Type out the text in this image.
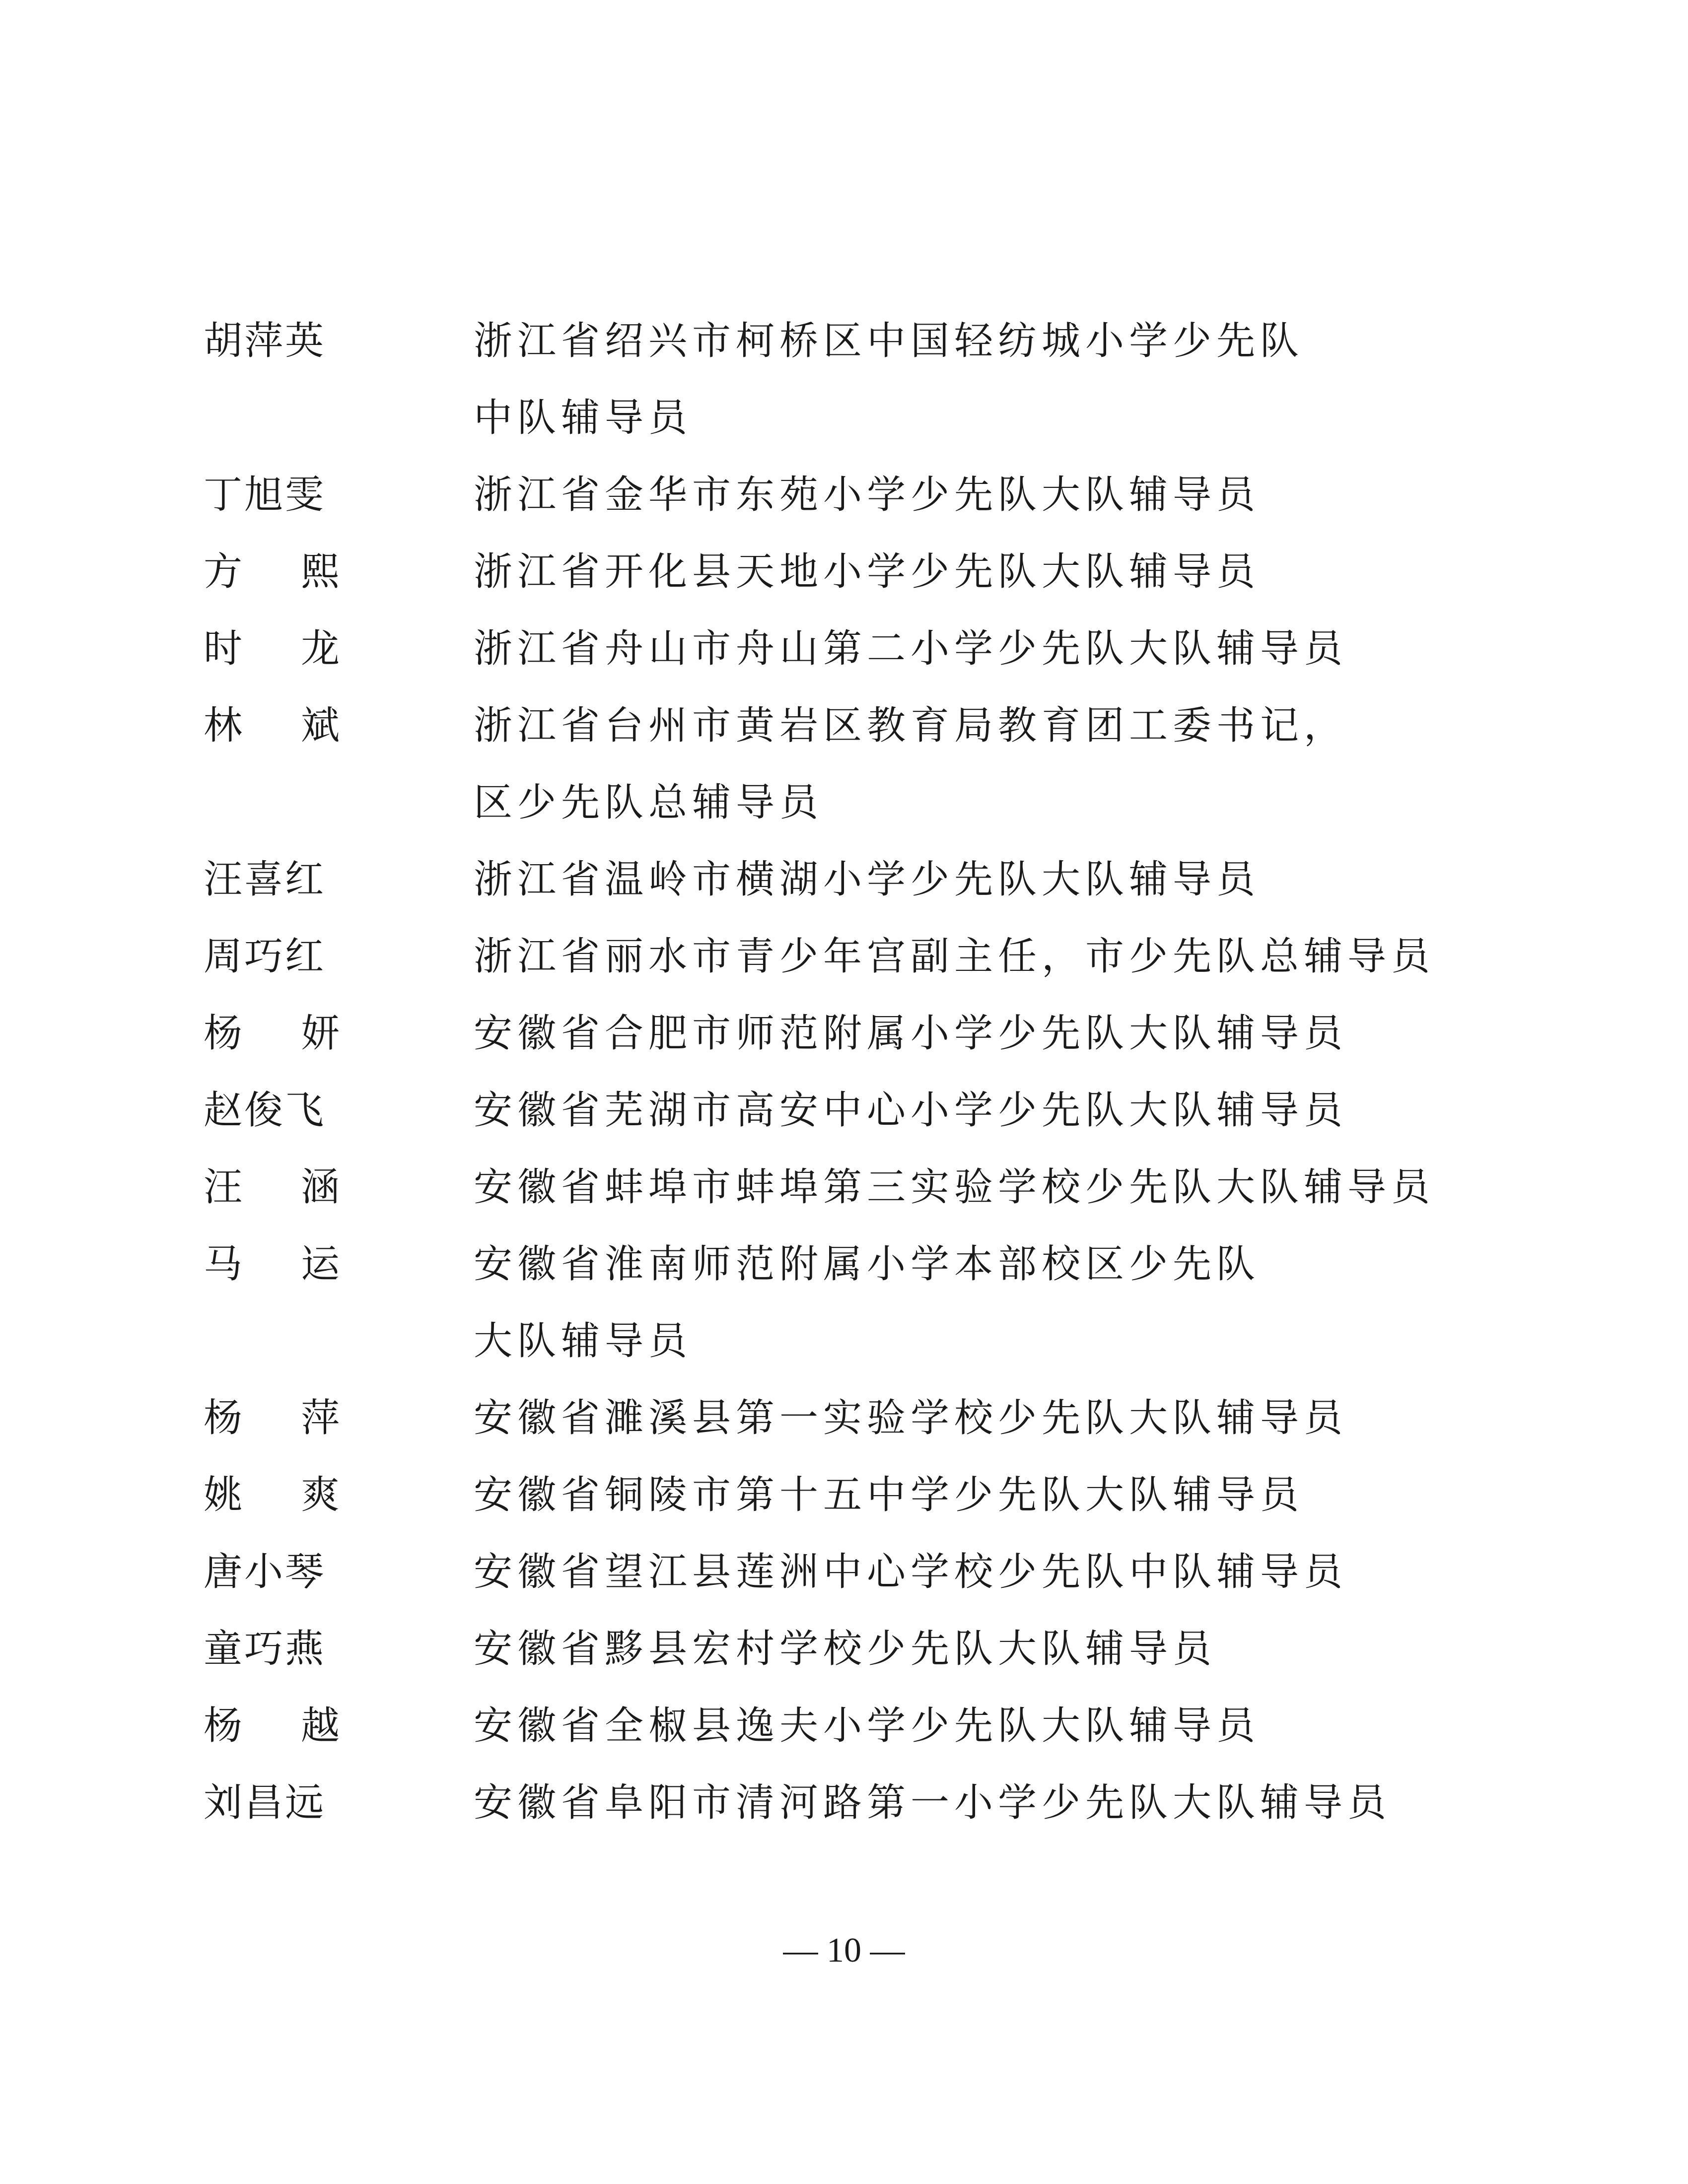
胡萍英	浙江省绍兴市柯桥区中国轻纺城小学少先队
中队辅导员
丁旭雯	浙江省金华市东苑小学少先队大队辅导员
方熙	浙江省开化县天地小学少先队大队辅导员
时龙	浙江省舟山市舟山第二小学少先队大队辅导员
林斌	浙江省台州市黄岩区教育局教育团工委书记，
区少先队总辅导员
汪喜红	浙江省温岭市横湖小学少先队大队辅导员
周巧红	浙江省丽水市青少年宫副主任，市少先队总辅导员
杨妍	安徽省合肥市师范附属小学少先队大队辅导员
赵俊飞	安徽省芜湖市高安中心小学少先队大队辅导员
汪涵	安徽省蚌埠市蚌埠第三实验学校少先队大队辅导员
马运	安徽省淮南师范附属小学本部校区少先队
大队辅导员
杨萍	安徽省濉溪县第一实验学校少先队大队辅导员
姚爽	安徽省铜陵市第十五中学少先队大队辅导员
唐小琴	安徽省望江县莲洲中心学校少先队中队辅导员
童巧燕	安徽省黟县宏村学校少先队大队辅导员
杨越	安徽省全椒县逸夫小学少先队大队辅导员
刘昌远	安徽省阜阳市清河路第一小学少先队大队辅导员
— 10 —
